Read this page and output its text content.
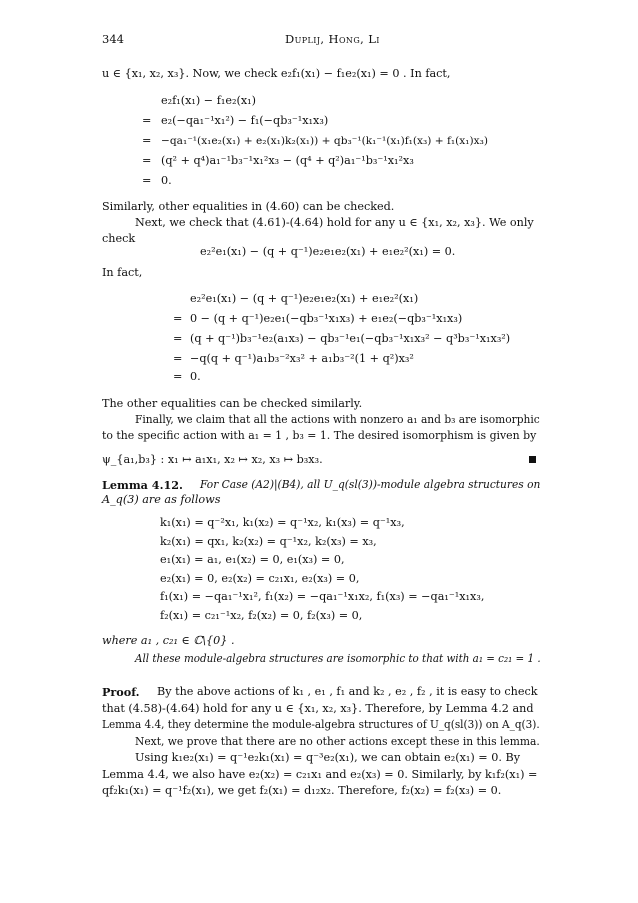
344	Duplij, Hong, Li
u ∈ {x₁, x₂, x₃}. Now, we check e₂f₁(x₁) − f₁e₂(x₁) = 0 . In fact,
e₂f₁(x₁) − f₁e₂(x₁)
= e₂(−qa₁⁻¹x₁²) − f₁(−qb₃⁻¹x₁x₃)
= −qa₁⁻¹(x₁e₂(x₁) + e₂(x₁)k₂(x₁)) + qb₃⁻¹(k₁⁻¹(x₁)f₁(x₃) + f₁(x₁)x₃)
= (q² + q⁴)a₁⁻¹b₃⁻¹x₁²x₃ − (q⁴ + q²)a₁⁻¹b₃⁻¹x₁²x₃
= 0.
Similarly, other equalities in (4.60) can be checked.
Next, we check that (4.61)-(4.64) hold for any u ∈ {x₁, x₂, x₃}. We only
check
e₂²e₁(x₁) − (q + q⁻¹)e₂e₁e₂(x₁) + e₁e₂²(x₁) = 0.
In fact,
e₂²e₁(x₁) − (q + q⁻¹)e₂e₁e₂(x₁) + e₁e₂²(x₁)
= 0 − (q + q⁻¹)e₂e₁(−qb₃⁻¹x₁x₃) + e₁e₂(−qb₃⁻¹x₁x₃)
= (q + q⁻¹)b₃⁻¹e₂(a₁x₃) − qb₃⁻¹e₁(−qb₃⁻¹x₁x₃² − q³b₃⁻¹x₁x₃²)
= −q(q + q⁻¹)a₁b₃⁻²x₃² + a₁b₃⁻²(1 + q²)x₃²
= 0.
The other equalities can be checked similarly.
Finally, we claim that all the actions with nonzero a₁ and b₃ are isomorphic
to the specific action with a₁ = 1 , b₃ = 1. The desired isomorphism is given by
ψ_{a₁,b₃} : x₁ ↦ a₁x₁, x₂ ↦ x₂, x₃ ↦ b₃x₃.
Lemma 4.12. For Case (A2)|(B4), all U_q(sl(3))-module algebra structures on
A_q(3) are as follows
k₁(x₁) = q⁻²x₁, k₁(x₂) = q⁻¹x₂, k₁(x₃) = q⁻¹x₃,
k₂(x₁) = qx₁, k₂(x₂) = q⁻¹x₂, k₂(x₃) = x₃,
e₁(x₁) = a₁, e₁(x₂) = 0, e₁(x₃) = 0,
e₂(x₁) = 0, e₂(x₂) = c₂₁x₁, e₂(x₃) = 0,
f₁(x₁) = −qa₁⁻¹x₁², f₁(x₂) = −qa₁⁻¹x₁x₂, f₁(x₃) = −qa₁⁻¹x₁x₃,
f₂(x₁) = c₂₁⁻¹x₂, f₂(x₂) = 0, f₂(x₃) = 0,
where a₁ , c₂₁ ∈ ℂ\{0} .
All these module-algebra structures are isomorphic to that with a₁ = c₂₁ = 1 .
Proof. By the above actions of k₁ , e₁ , f₁ and k₂ , e₂ , f₂ , it is easy to check
that (4.58)-(4.64) hold for any u ∈ {x₁, x₂, x₃}. Therefore, by Lemma 4.2 and
Lemma 4.4, they determine the module-algebra structures of U_q(sl(3)) on A_q(3).
Next, we prove that there are no other actions except these in this lemma.
Using k₁e₂(x₁) = q⁻¹e₂k₁(x₁) = q⁻³e₂(x₁), we can obtain e₂(x₁) = 0. By
Lemma 4.4, we also have e₂(x₂) = c₂₁x₁ and e₂(x₃) = 0. Similarly, by k₁f₂(x₁) =
qf₂k₁(x₁) = q⁻¹f₂(x₁), we get f₂(x₁) = d₁₂x₂. Therefore, f₂(x₂) = f₂(x₃) = 0.
